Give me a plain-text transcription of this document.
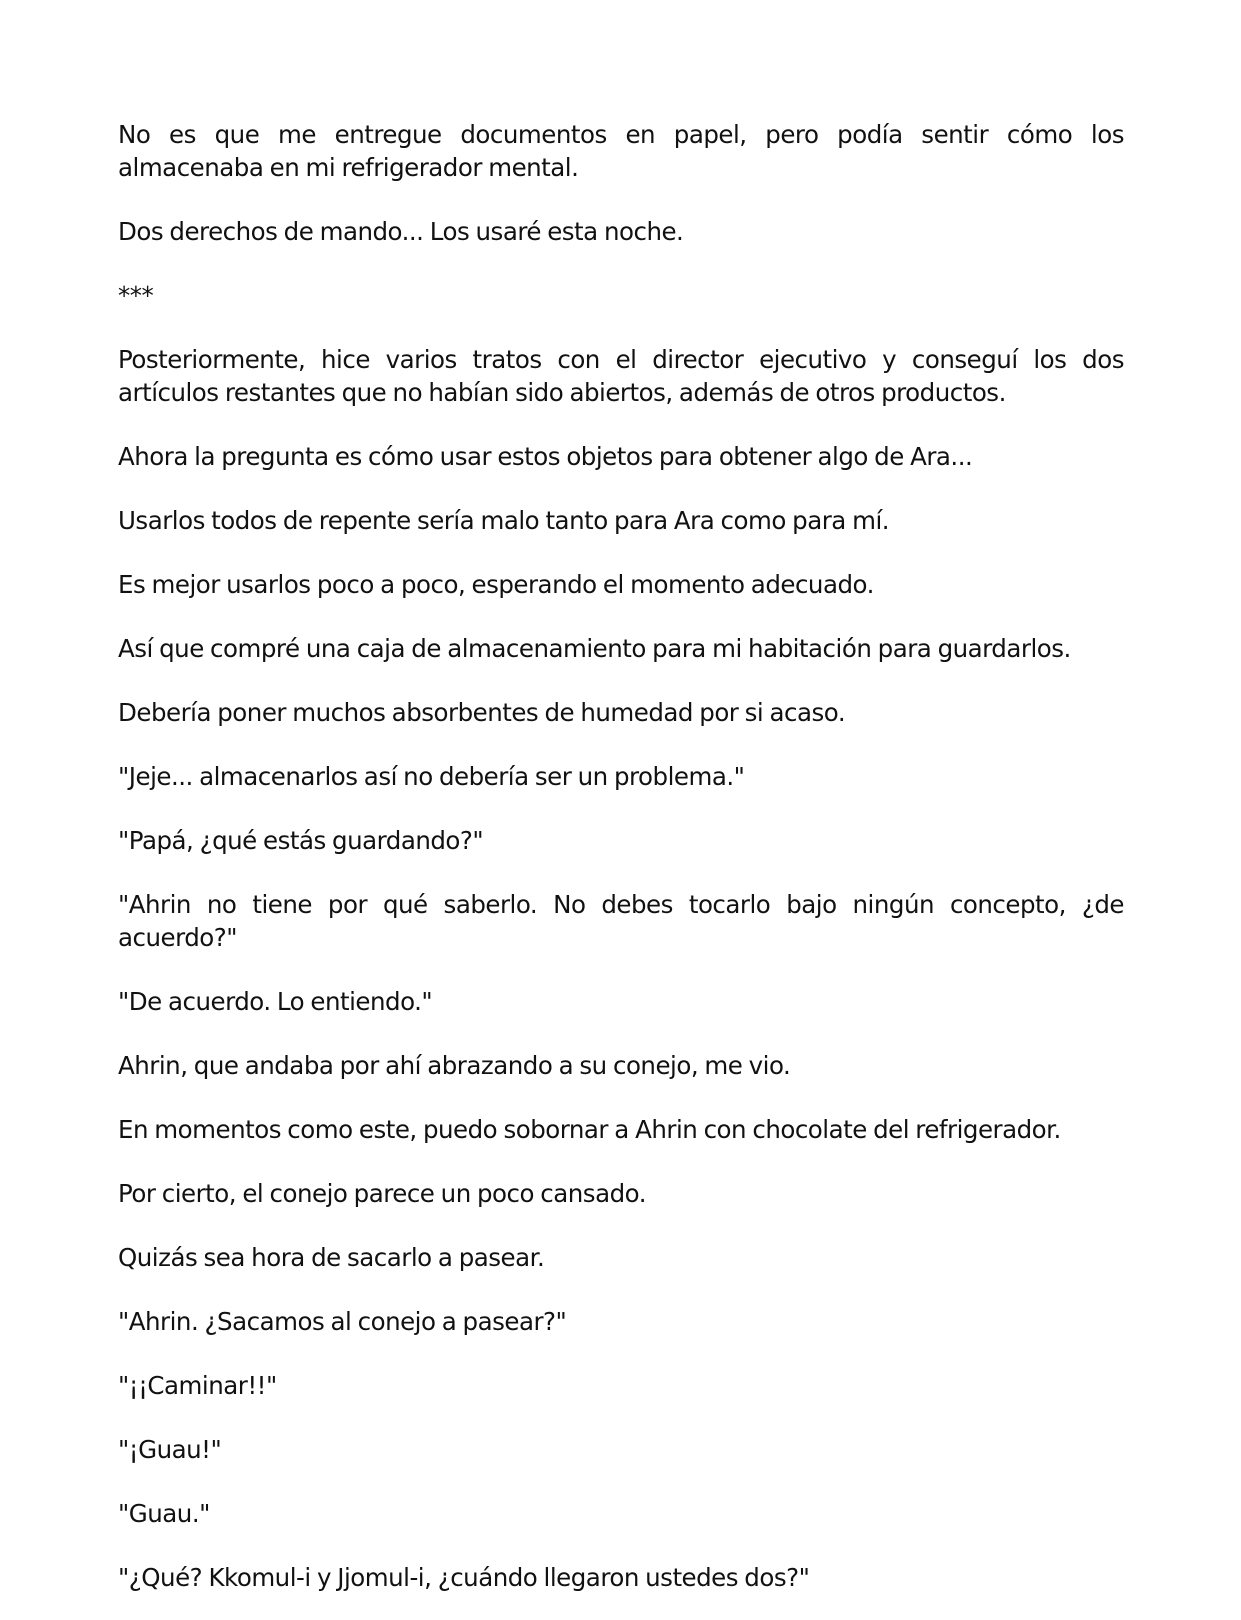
No es que me entregue documentos en papel, pero podía sentir cómo los almacenaba en mi refrigerador mental.

Dos derechos de mando... Los usaré esta noche.

***

Posteriormente, hice varios tratos con el director ejecutivo y conseguí los dos artículos restantes que no habían sido abiertos, además de otros productos.

Ahora la pregunta es cómo usar estos objetos para obtener algo de Ara...

Usarlos todos de repente sería malo tanto para Ara como para mí.

Es mejor usarlos poco a poco, esperando el momento adecuado.

Así que compré una caja de almacenamiento para mi habitación para guardarlos.

Debería poner muchos absorbentes de humedad por si acaso.

"Jeje... almacenarlos así no debería ser un problema."

"Papá, ¿qué estás guardando?"

"Ahrin no tiene por qué saberlo. No debes tocarlo bajo ningún concepto, ¿de acuerdo?"

"De acuerdo. Lo entiendo."

Ahrin, que andaba por ahí abrazando a su conejo, me vio.

En momentos como este, puedo sobornar a Ahrin con chocolate del refrigerador.

Por cierto, el conejo parece un poco cansado.

Quizás sea hora de sacarlo a pasear.

"Ahrin. ¿Sacamos al conejo a pasear?"

"¡¡Caminar!!"

"¡Guau!"

"Guau."

"¿Qué? Kkomul-i y Jjomul-i, ¿cuándo llegaron ustedes dos?"
